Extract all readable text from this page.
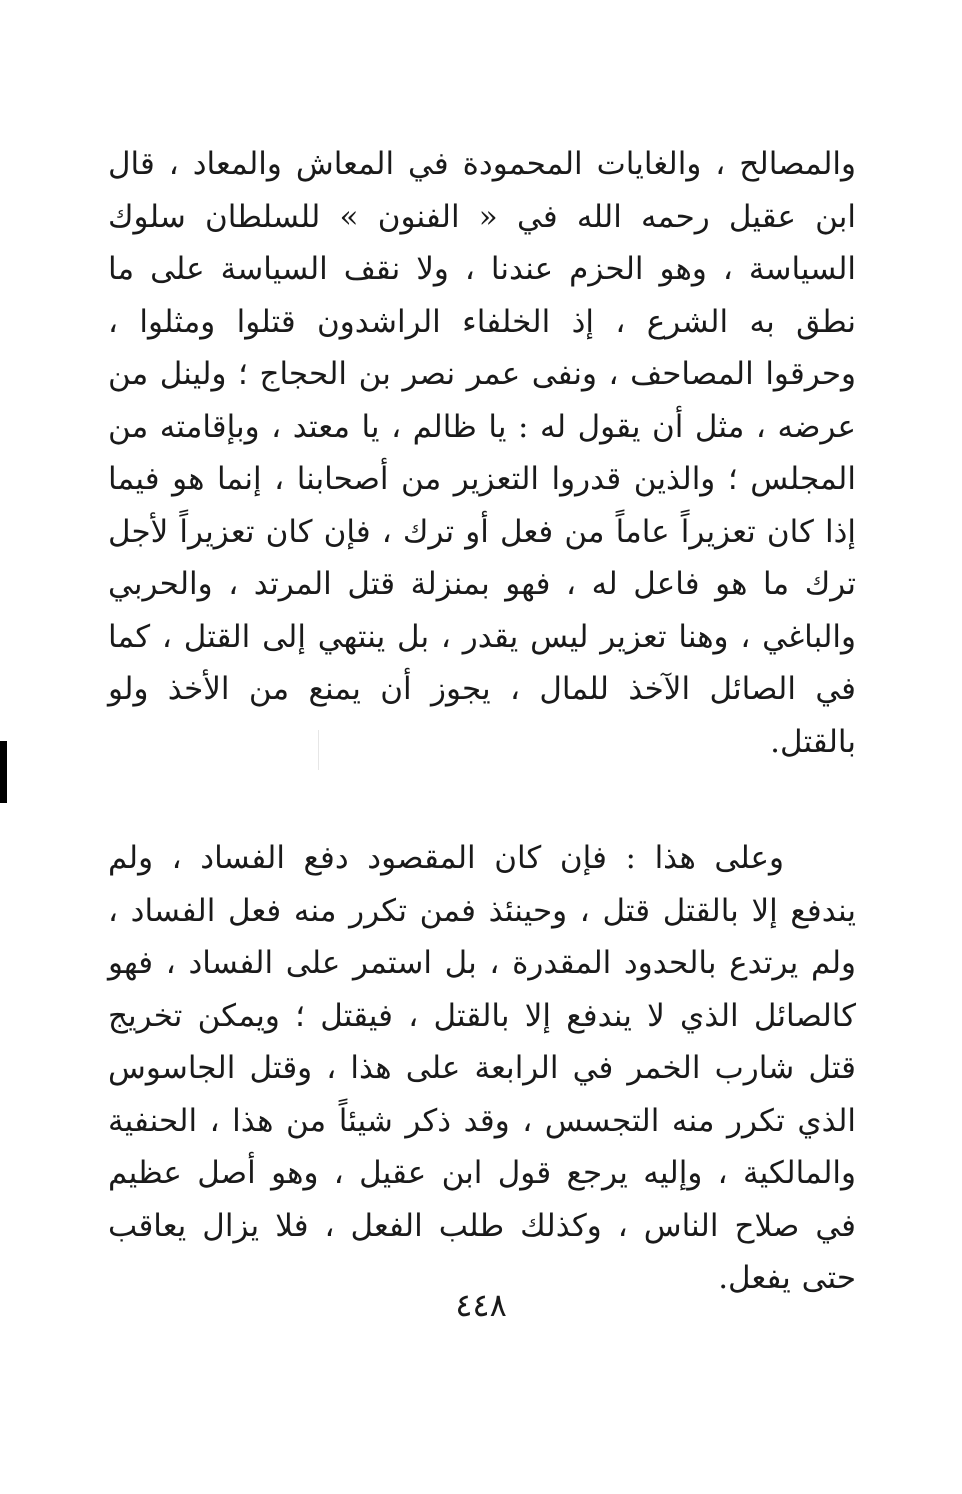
والمصالح ، والغايات المحمودة في المعاش والمعاد ، قال ابن عقيل رحمه الله في « الفنون » للسلطان سلوك السياسة ، وهو الحزم عندنا ، ولا نقف السياسة على ما نطق به الشرع ، إذ الخلفاء الراشدون قتلوا ومثلوا ، وحرقوا المصاحف ، ونفى عمر نصر بن الحجاج ؛ ولينل من عرضه ، مثل أن يقول له : يا ظالم ، يا معتد ، وبإقامته من المجلس ؛ والذين قدروا التعزير من أصحابنا ، إنما هو فيما إذا كان تعزيراً عاماً من فعل أو ترك ، فإن كان تعزيراً لأجل ترك ما هو فاعل له ، فهو بمنزلة قتل المرتد ، والحربي والباغي ، وهنا تعزير ليس يقدر ، بل ينتهي إلى القتل ، كما في الصائل الآخذ للمال ، يجوز أن يمنع من الأخذ ولو بالقتل.

وعلى هذا : فإن كان المقصود دفع الفساد ، ولم يندفع إلا بالقتل قتل ، وحينئذ فمن تكرر منه فعل الفساد ، ولم يرتدع بالحدود المقدرة ، بل استمر على الفساد ، فهو كالصائل الذي لا يندفع إلا بالقتل ، فيقتل ؛ ويمكن تخريج قتل شارب الخمر في الرابعة على هذا ، وقتل الجاسوس الذي تكرر منه التجسس ، وقد ذكر شيئاً من هذا ، الحنفية والمالكية ، وإليه يرجع قول ابن عقيل ، وهو أصل عظيم في صلاح الناس ، وكذلك طلب الفعل ، فلا يزال يعاقب حتى يفعل.

٤٤٨
